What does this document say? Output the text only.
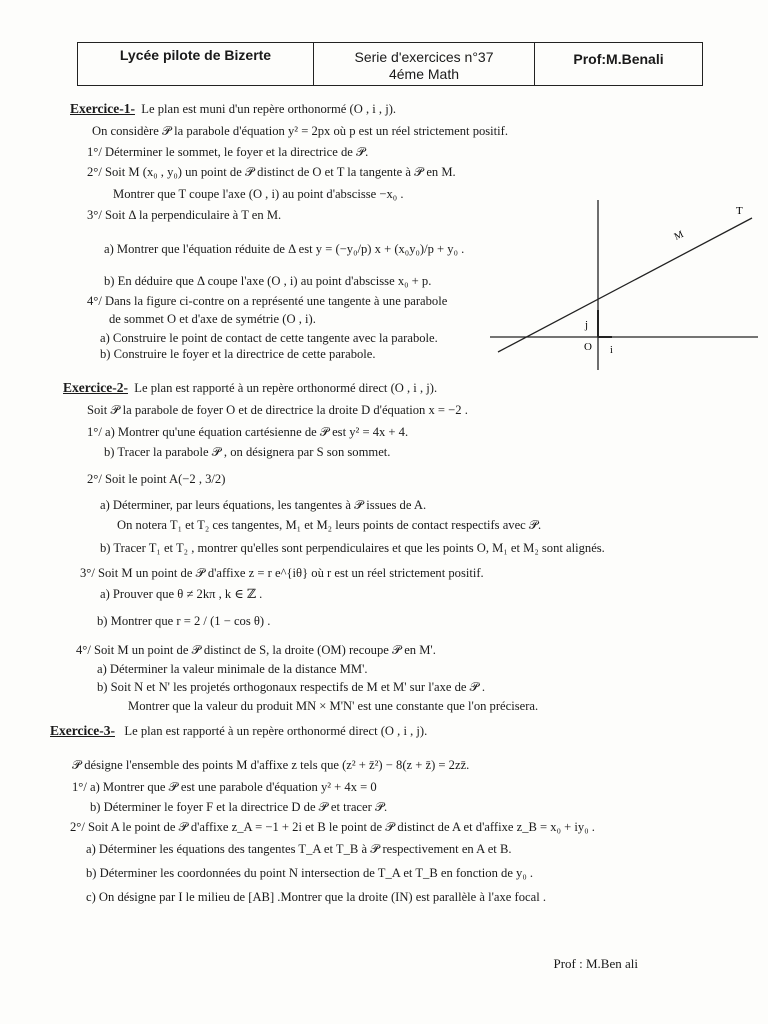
Lycée pilote de Bizerte	Serie d'exercices n°37
4éme Math
Prof:M.Benali
Exercice-1- Le plan est muni d'un repère orthonormé (O , i , j).
On considère 𝒫 la parabole d'équation y² = 2px où p est un réel strictement positif.
1°/ Déterminer le sommet, le foyer et la directrice de 𝒫.
2°/ Soit M (x₀ , y₀) un point de 𝒫 distinct de O et T la tangente à 𝒫 en M.
Montrer que T coupe l'axe (O , i) au point d'abscisse −x₀ .
3°/ Soit Δ la perpendiculaire à T en M.
a) Montrer que l'équation réduite de Δ est y = (−y₀/p) x + (x₀y₀)/p + y₀ .
b) En déduire que Δ coupe l'axe (O , i) au point d'abscisse x₀ + p.
4°/ Dans la figure ci-contre on a représenté une tangente à une parabole
de sommet O et d'axe de symétrie (O , i).
a) Construire le point de contact de cette tangente avec la parabole.
b) Construire le foyer et la directrice de cette parabole.
T
M
j
O i
Exercice-2- Le plan est rapporté à un repère orthonormé direct (O , i , j).
Soit 𝒫 la parabole de foyer O et de directrice la droite D d'équation x = −2 .
1°/ a) Montrer qu'une équation cartésienne de 𝒫 est y² = 4x + 4.
b) Tracer la parabole 𝒫 , on désignera par S son sommet.
2°/ Soit le point A(−2 , 3/2)
a) Déterminer, par leurs équations, les tangentes à 𝒫 issues de A.
On notera T₁ et T₂ ces tangentes, M₁ et M₂ leurs points de contact respectifs avec 𝒫.
b) Tracer T₁ et T₂ , montrer qu'elles sont perpendiculaires et que les points O, M₁ et M₂ sont alignés.
3°/ Soit M un point de 𝒫 d'affixe z = r e^{iθ} où r est un réel strictement positif.
a) Prouver que θ ≠ 2kπ , k ∈ ℤ .
b) Montrer que r = 2 / (1 − cos θ) .
4°/ Soit M un point de 𝒫 distinct de S, la droite (OM) recoupe 𝒫 en M'.
a) Déterminer la valeur minimale de la distance MM'.
b) Soit N et N' les projetés orthogonaux respectifs de M et M' sur l'axe de 𝒫 .
Montrer que la valeur du produit MN × M'N' est une constante que l'on précisera.
Exercice-3- Le plan est rapporté à un repère orthonormé direct (O , i , j).
𝒫 désigne l'ensemble des points M d'affixe z tels que (z² + z̄²) − 8(z + z̄) = 2zz̄.
1°/ a) Montrer que 𝒫 est une parabole d'équation y² + 4x = 0
b) Déterminer le foyer F et la directrice D de 𝒫 et tracer 𝒫.
2°/ Soit A le point de 𝒫 d'affixe z_A = −1 + 2i et B le point de 𝒫 distinct de A et d'affixe z_B = x₀ + iy₀ .
a) Déterminer les équations des tangentes T_A et T_B à 𝒫 respectivement en A et B.
b) Déterminer les coordonnées du point N intersection de T_A et T_B en fonction de y₀ .
c) On désigne par I le milieu de [AB] .Montrer que la droite (IN) est parallèle à l'axe focal .
Prof : M.Ben ali
